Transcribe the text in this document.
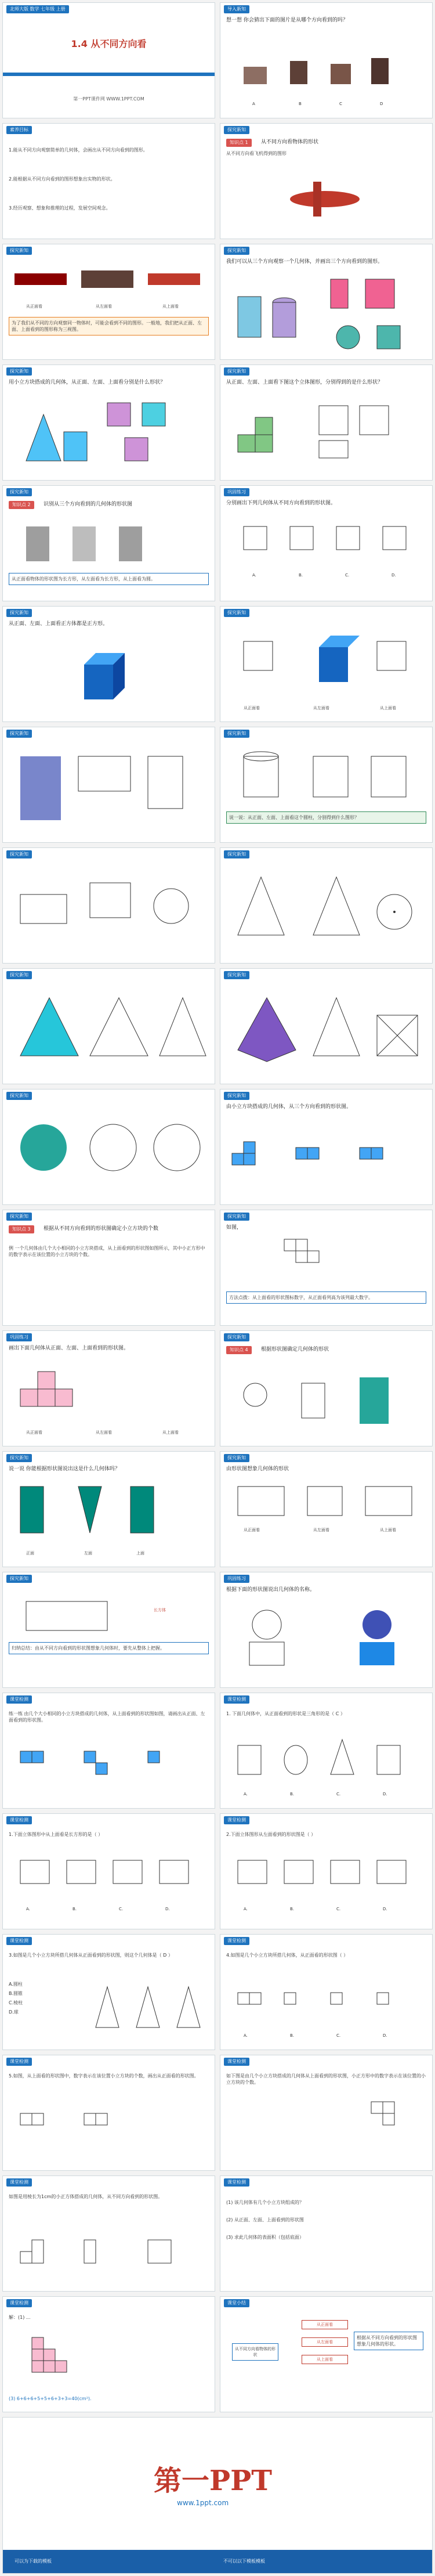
北师大版 数学 七年级 上册
1.4 从不同方向看
第一PPT课件网 WWW.1PPT.COM
导入新知
想一想 你会猜出下面的图片是从哪个方向看到的吗？
A	B	C	D
素养目标
1.能从不同方向观察简单的几何体，会画出从不同方向看到的图形。
2.能根据从不同方向看到的图形想象出实物的形状。
3.经历观察、想象和推理的过程，发展空间观念。
探究新知
知识点 1	从不同方向看物体的形状
从不同方向看飞机得到的图形
探究新知
从正面看	从左面看	从上面看
为了我们从不同的方向观察同一物体时，可能会看到不同的图形。一般地，我们把从正面、左面、上面看到的图形称为三视图。
探究新知
我们可以从三个方向观察一个几何体，并画出三个方向看到的图形。
探究新知
用小立方块搭成的几何体，从正面、左面、上面看分别是什么形状？
探究新知
从正面、左面、上面看下图这个立体图形，分别得到的是什么形状？
探究新知
知识点 2	识别从三个方向看到的几何体的形状图
从正面看物体的形状图为长方形，从左面看为长方形，从上面看为圆。
巩固练习
分别画出下列几何体从不同方向看到的形状图。
A.	B.	C.	D.
探究新知
从正面、左面、上面看正方体都是正方形。
探究新知
从正面看	从左面看	从上面看
探究新知	探究新知
说一说：从正面、左面、上面看这个圆柱，分别得到什么图形？
探究新知	探究新知
探究新知	探究新知
探究新知	探究新知
由小立方块搭成的几何体，从三个方向看到的形状图。
探究新知
知识点 3	根据从不同方向看到的形状图确定小立方块的个数
例 一个几何体由几个大小相同的小立方块搭成，从上面看到的形状图如图所示，其中小正方形中的数字表示在该位置的小立方块的个数。
探究新知
如图，
方法点拨：从上面看的形状图标数字，从正面看列高为该列最大数字。
巩固练习
画出下面几何体从正面、左面、上面看到的形状图。
从正面看	从左面看	从上面看
探究新知
知识点 4	根据形状图确定几何体的形状
探究新知
说一说 你能根据形状图说出这是什么几何体吗？
正面	左面	上面
探究新知
由形状图想象几何体的形状
从正面看	从左面看	从上面看
探究新知
长方体
归纳总结：由从不同方向看到的形状图想象几何体时，要先从整体上把握。
巩固练习
根据下面的形状图说出几何体的名称。
课堂检测
练一练 由几个大小相同的小立方块搭成的几何体，从上面看到的形状图如图，请画出从正面、左面看到的形状图。
课堂检测
1. 下面几何体中，从正面看到的形状是三角形的是（ C ）
A.	B.	C.	D.
课堂检测
1.下面立体图形中从上面看是长方形的是（ ）
A.	B.	C.	D.
课堂检测
2.下面立体图形从左面看到的形状图是（ ）
A.	B.	C.	D.
课堂检测
3.如图是几个小立方块所搭几何体从正面看到的形状图，则这个几何体是（ D ）
A.圆柱
B.圆锥
C.棱柱
D.球
课堂检测
4.如图是几个小立方块所搭几何体，从正面看的形状图（ ）
A.	B.	C.	D.
课堂检测
5.如图，从上面看的形状图中，数字表示在该位置小立方块的个数，画出从正面看的形状图。
课堂检测
如下图是由几个小立方块搭成的几何体从上面看到的形状图，小正方形中的数字表示在该位置的小立方块的个数。
课堂检测
如图是用棱长为1cm的小正方体搭成的几何体，从不同方向看到的形状图。
课堂检测
(1) 该几何体有几个小立方块组成的？
(2) 从正面、左面、上面看到的形状图
(3) 求此几何体的表面积（包括底面）
课堂检测
解：(1) ...
(3) 6+6+6+5+5+6+3+3=40(cm²).
课堂小结
从不同方向看物体的形状
从正面看
从左面看
从上面看
根据从不同方向看到的形状图想象几何体的形状。
第一PPT
www.1ppt.com
可以为下载的模板	不可以以下模板模板
